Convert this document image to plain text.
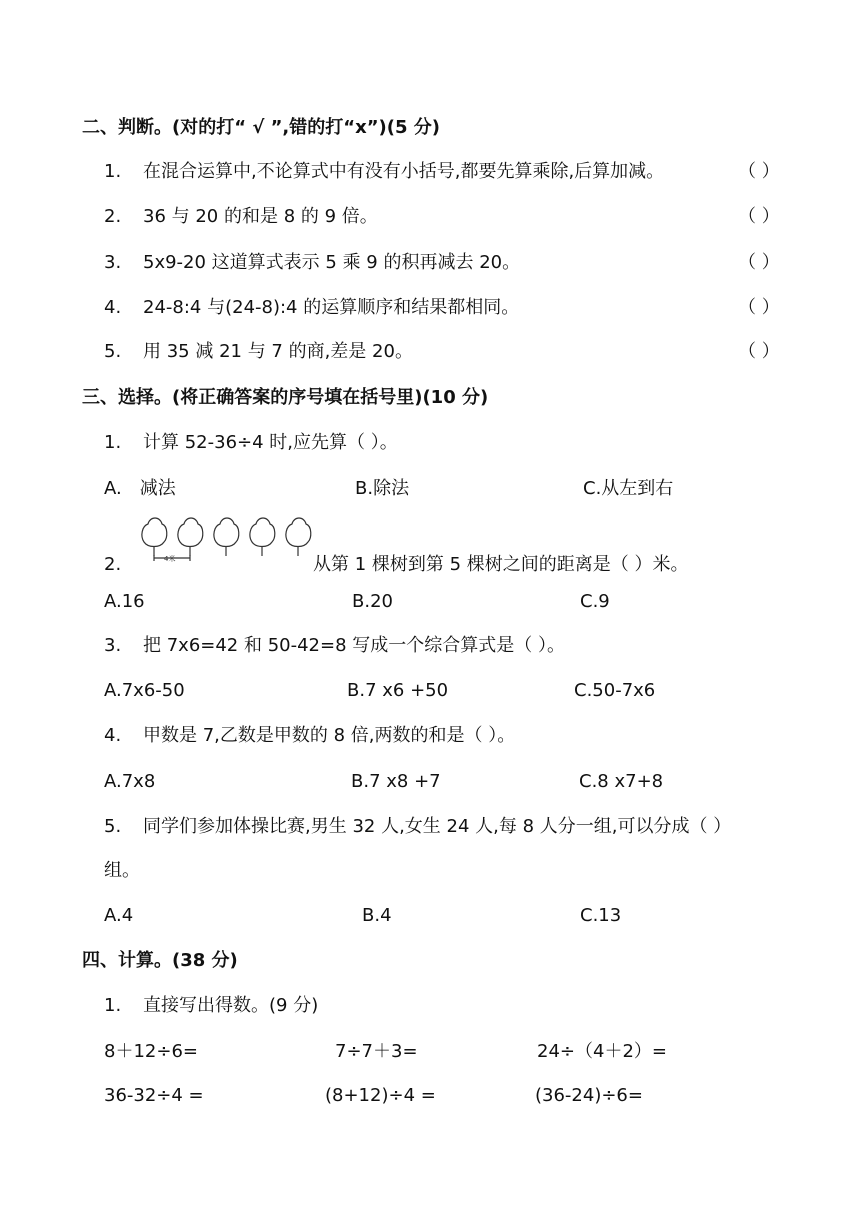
二、判断。(对的打“ √ ”,错的打“x”)(5 分)
1. 在混合运算中,不论算式中有没有小括号,都要先算乘除,后算加减。	（ ）
2. 36 与 20 的和是 8 的 9 倍。	（ ）
3. 5x9-20 这道算式表示 5 乘 9 的积再减去 20。	（ ）
4. 24-8:4 与(24-8):4 的运算顺序和结果都相同。	（ ）
5. 用 35 减 21 与 7 的商,差是 20。	（ ）
三、选择。(将正确答案的序号填在括号里)(10 分)
1. 计算 52-36÷4 时,应先算（ ）。
A.　减法	B.除法	C.从左到右
2.	4米	从第 1 棵树到第 5 棵树之间的距离是（ ）米。
A.16	B.20	C.9
3. 把 7x6=42 和 50-42=8 写成一个综合算式是（ ）。
A.7x6-50	B.7 x6 +50	C.50-7x6
4. 甲数是 7,乙数是甲数的 8 倍,两数的和是（ ）。
A.7x8	B.7 x8 +7	C.8 x7+8
5. 同学们参加体操比赛,男生 32 人,女生 24 人,每 8 人分一组,可以分成（ ）
组。
A.4	B.4	C.13
四、计算。(38 分)
1. 直接写出得数。(9 分)
8＋12÷6=	7÷7＋3=	24÷（4＋2）=
36-32÷4 =	(8+12)÷4 =	(36-24)÷6=
